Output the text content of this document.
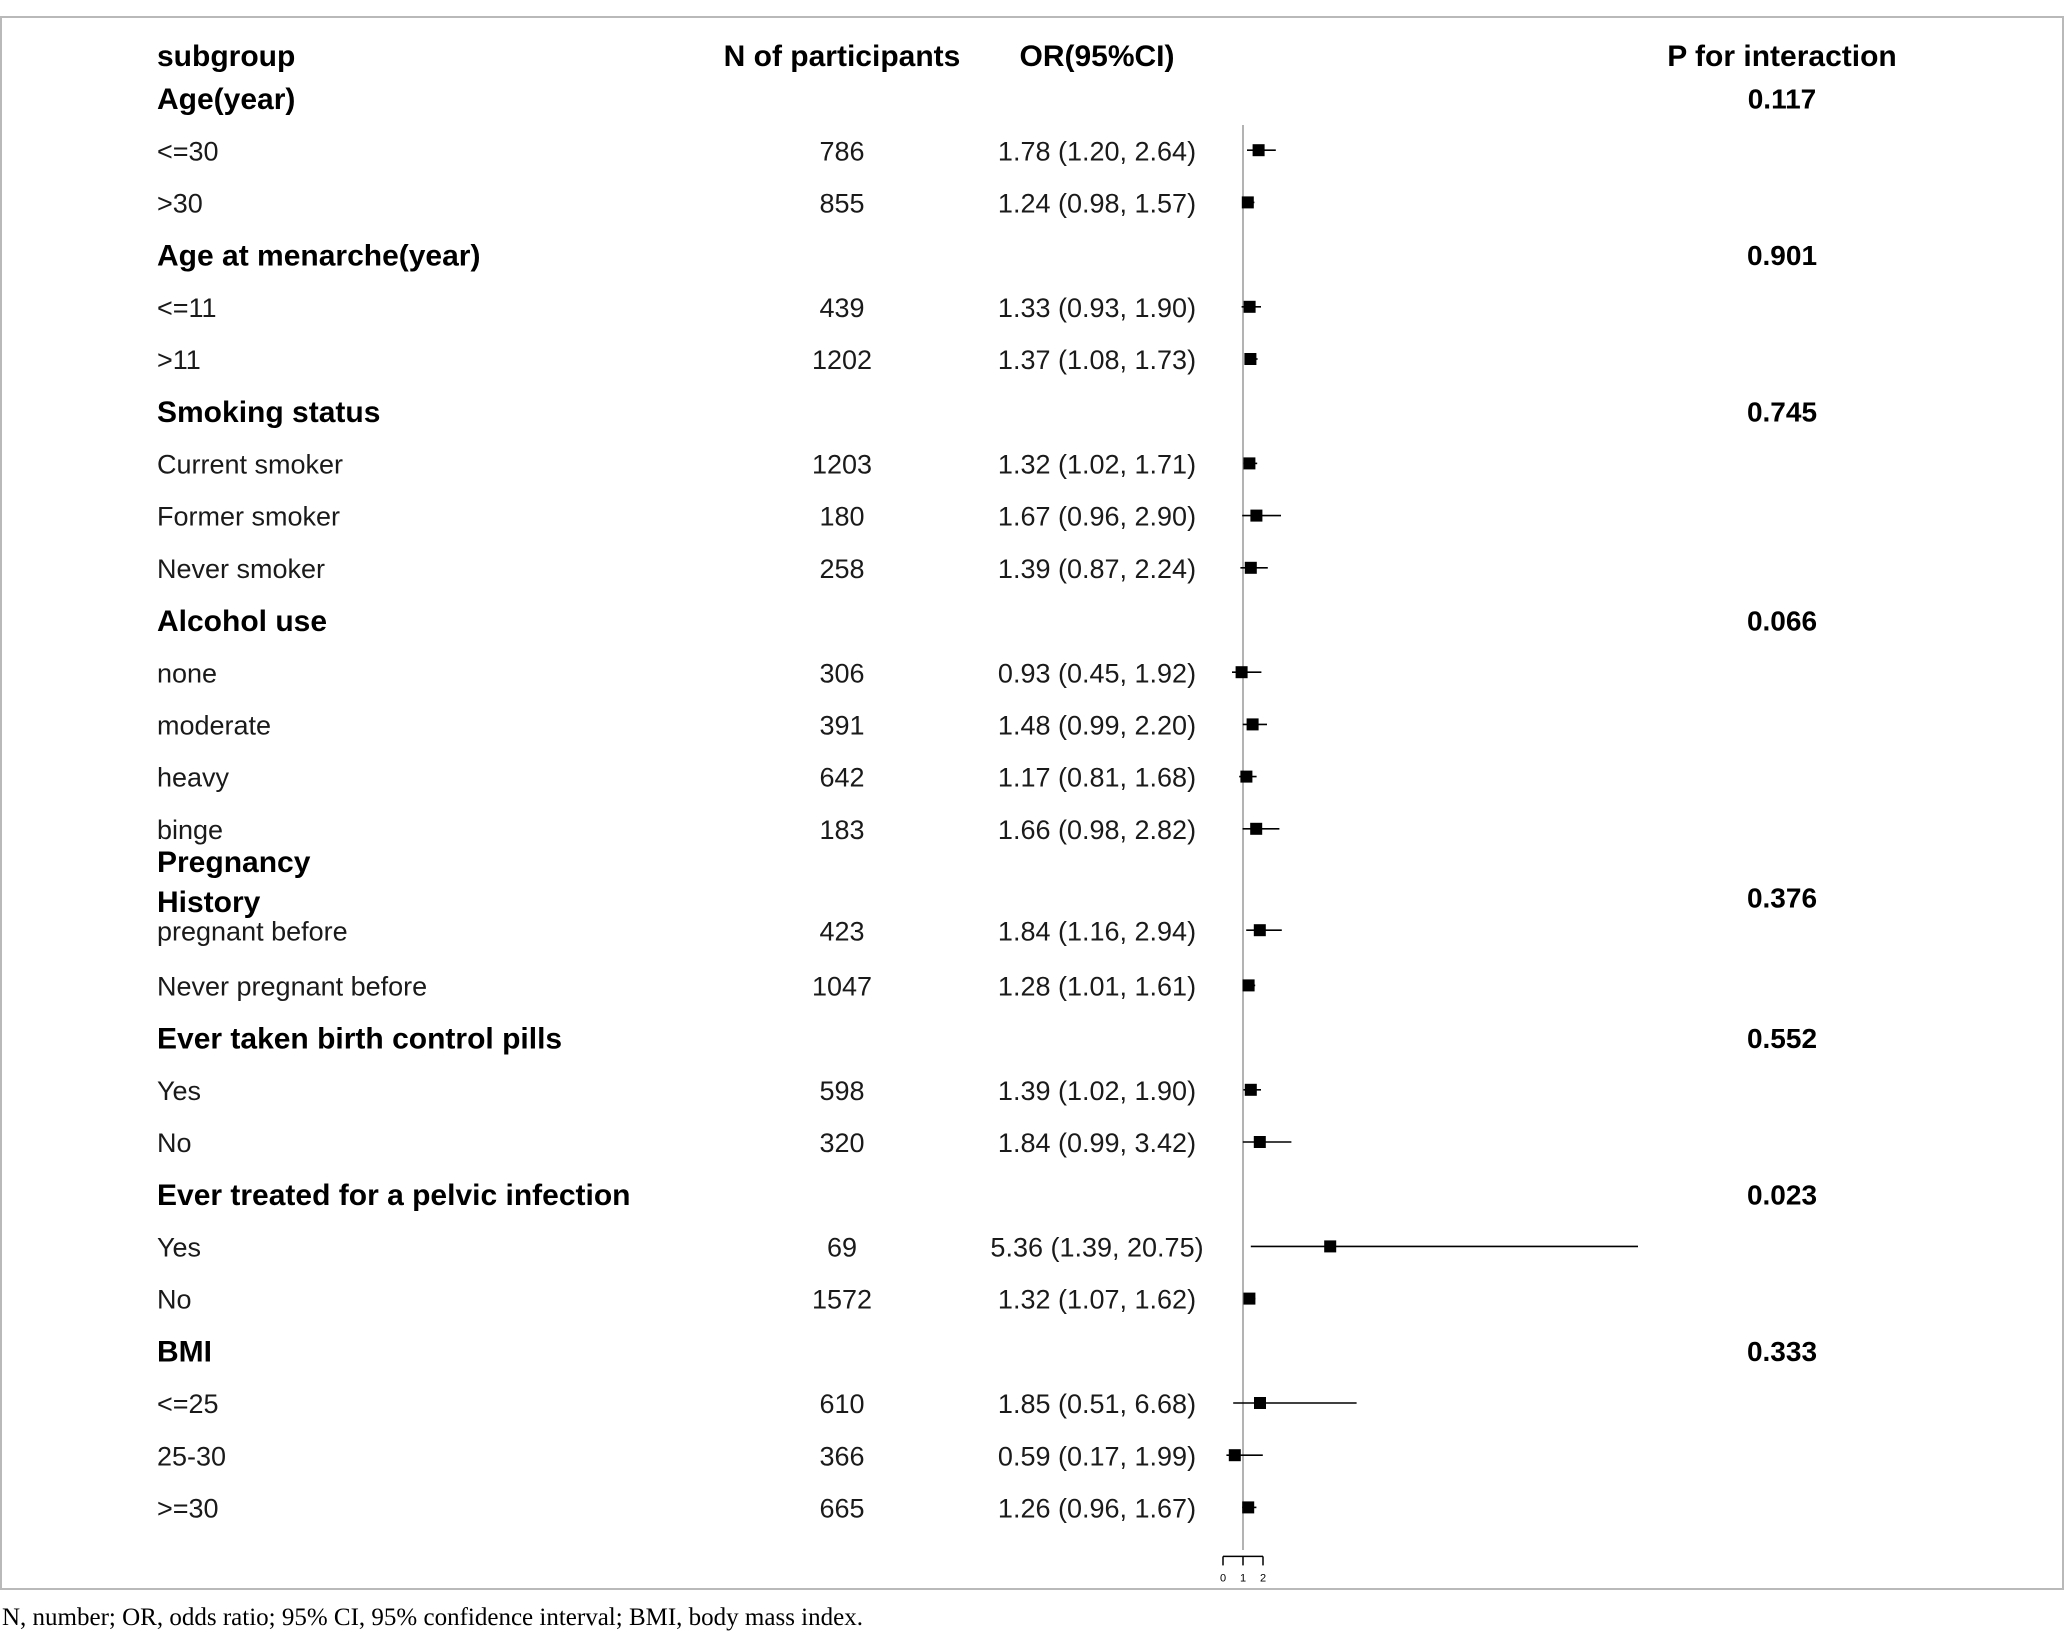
subgroup	N of participants OR(95%CI)	P for interaction
Age(year)	0.117
<=30	786	1.78 (1.20, 2.64)
>30	855	1.24 (0.98, 1.57)
Age at menarche(year)	0.901
<=11	439	1.33 (0.93, 1.90)
>11	1202	1.37 (1.08, 1.73)
Smoking status	0.745
Current smoker	1203	1.32 (1.02, 1.71)
Former smoker	180	1.67 (0.96, 2.90)
Never smoker	258	1.39 (0.87, 2.24)
Alcohol use	0.066
none	306	0.93 (0.45, 1.92)
moderate	391	1.48 (0.99, 2.20)
heavy	642	1.17 (0.81, 1.68)
binge	183	1.66 (0.98, 2.82)
Pregnancy
History	0.376
pregnant before	423	1.84 (1.16, 2.94)
Never pregnant before	1047	1.28 (1.01, 1.61)
Ever taken birth control pills	0.552
Yes	598	1.39 (1.02, 1.90)
No	320	1.84 (0.99, 3.42)
Ever treated for a pelvic infection	0.023
Yes	69	5.36 (1.39, 20.75)
No	1572	1.32 (1.07, 1.62)
BMI	0.333
<=25	610	1.85 (0.51, 6.68)
25-30	366	0.59 (0.17, 1.99)
>=30	665	1.26 (0.96, 1.67)
0 1 2
N, number; OR, odds ratio; 95% CI, 95% confidence interval; BMI, body mass index.
